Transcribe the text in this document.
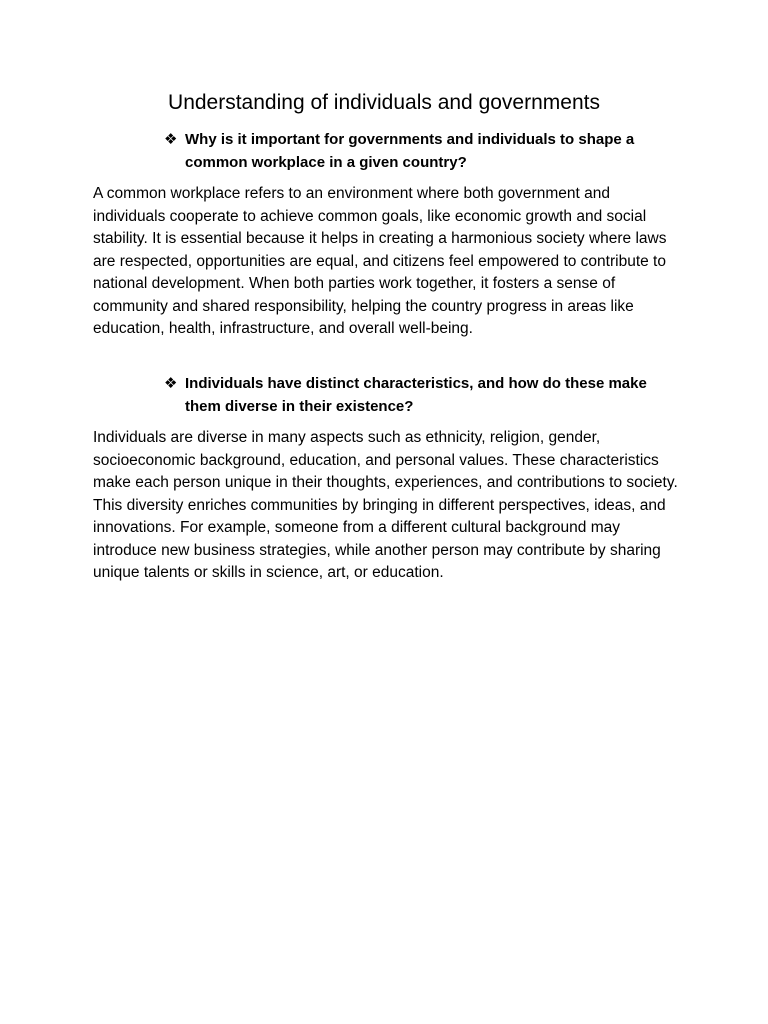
Understanding of individuals and governments
❖ Why is it important for governments and individuals to shape a common workplace in a given country?

A common workplace refers to an environment where both government and individuals cooperate to achieve common goals, like economic growth and social stability. It is essential because it helps in creating a harmonious society where laws are respected, opportunities are equal, and citizens feel empowered to contribute to national development. When both parties work together, it fosters a sense of community and shared responsibility, helping the country progress in areas like education, health, infrastructure, and overall well-being.

❖ Individuals have distinct characteristics, and how do these make them diverse in their existence?

Individuals are diverse in many aspects such as ethnicity, religion, gender, socioeconomic background, education, and personal values. These characteristics make each person unique in their thoughts, experiences, and contributions to society. This diversity enriches communities by bringing in different perspectives, ideas, and innovations. For example, someone from a different cultural background may introduce new business strategies, while another person may contribute by sharing unique talents or skills in science, art, or education.
